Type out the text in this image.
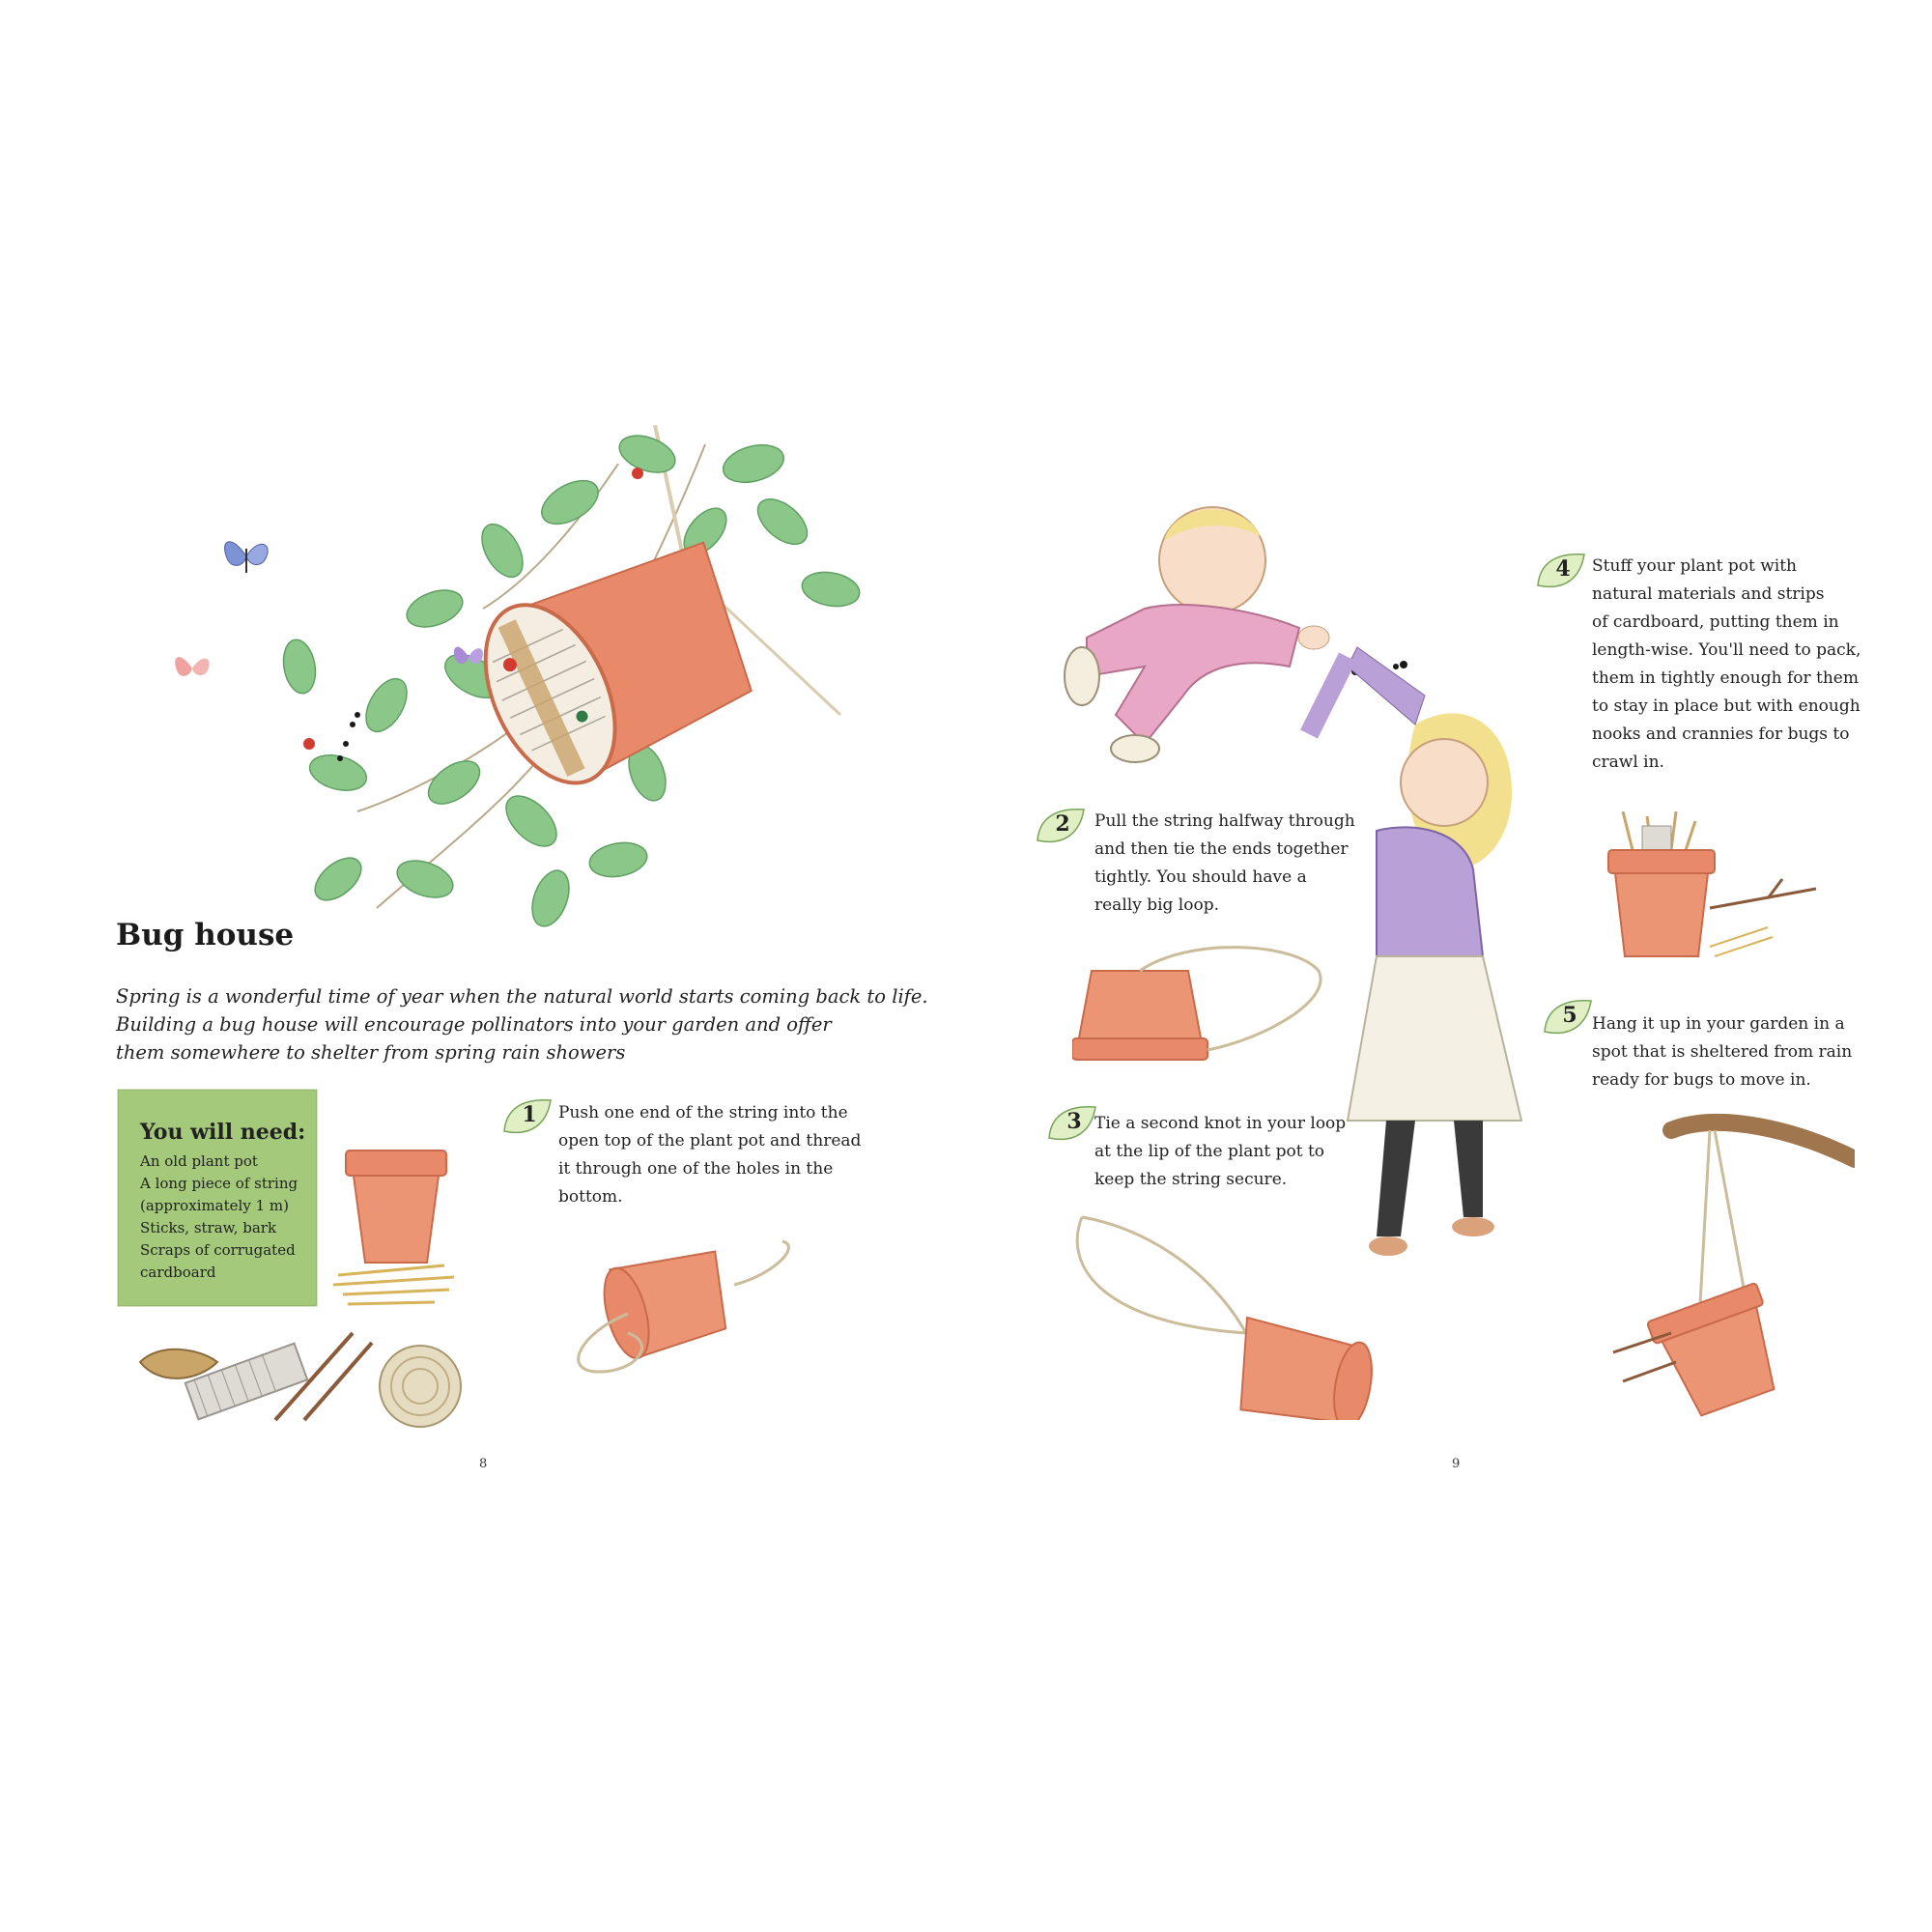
Bug house
Spring is a wonderful time of year when the natural world starts coming back to life.
Building a bug house will encourage pollinators into your garden and offer
them somewhere to shelter from spring rain showers
You will need:
An old plant pot
A long piece of string
(approximately 1 m)
Sticks, straw, bark
Scraps of corrugated
cardboard
1 Push one end of the string into the
open top of the plant pot and thread
it through one of the holes in the
bottom.
8
2 Pull the string halfway through
and then tie the ends together
tightly. You should have a
really big loop.
3 Tie a second knot in your loop
at the lip of the plant pot to
keep the string secure.
4 Stuff your plant pot with
natural materials and strips
of cardboard, putting them in
length-wise. You'll need to pack,
them in tightly enough for them
to stay in place but with enough
nooks and crannies for bugs to
crawl in.
5 Hang it up in your garden in a
spot that is sheltered from rain
ready for bugs to move in.
9
